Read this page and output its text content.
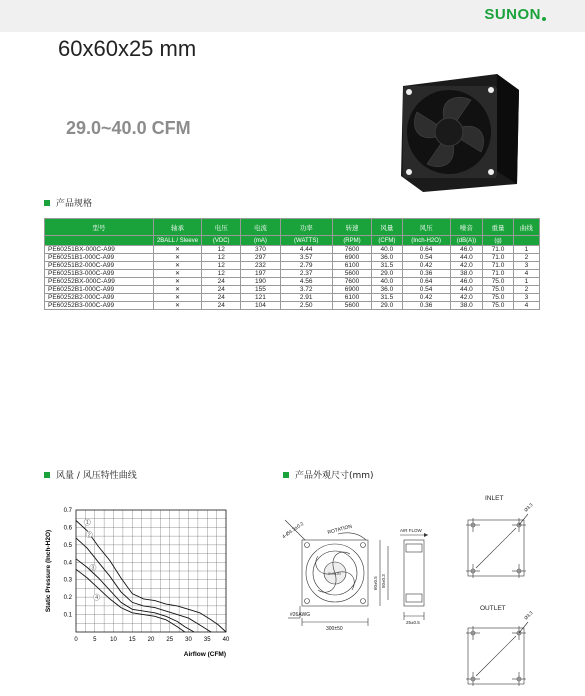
SUNON
60x60x25 mm
29.0~40.0 CFM
产品规格
型号	轴承	电压	电流	功率	转速	风量	风压	噪音	重量	曲线
	2BALL / Sleeve	(VDC)	(mA)	(WATTS)	(RPM)	(CFM)	(Inch-H2O)	(dB(A))	(g)	
PE60251BX-000C-A99	✕	12	370	4.44	7600	40.0	0.64	46.0	71.0	1
PE60251B1-000C-A99	✕	12	297	3.57	6900	36.0	0.54	44.0	71.0	2
PE60251B2-000C-A99	✕	12	232	2.79	6100	31.5	0.42	42.0	71.0	3
PE60251B3-000C-A99	✕	12	197	2.37	5600	29.0	0.36	38.0	71.0	4
PE60252BX-000C-A99	✕	24	190	4.56	7600	40.0	0.64	46.0	75.0	1
PE60252B1-000C-A99	✕	24	155	3.72	6900	36.0	0.54	44.0	75.0	2
PE60252B2-000C-A99	✕	24	121	2.91	6100	31.5	0.42	42.0	75.0	3
PE60252B3-000C-A99	✕	24	104	2.50	5600	29.0	0.36	38.0	75.0	4
风量 / 风压特性曲线	产品外观尺寸(mm)
0	5 10 15 20 25 30 35 40
0.1
0.2
0.3
0.4
0.5
0.6
0.7
Airflow (CFM)
Static Pressure (Inch-H2O)
1
2
3
4
4-Ø4.3±0.2	ROTATION
SUNON
#26AWG
300±50
60±0.5 50±0.3
AIR FLOW
25±0.5
INLET
Ø3.3
OUTLET
Ø3.3
